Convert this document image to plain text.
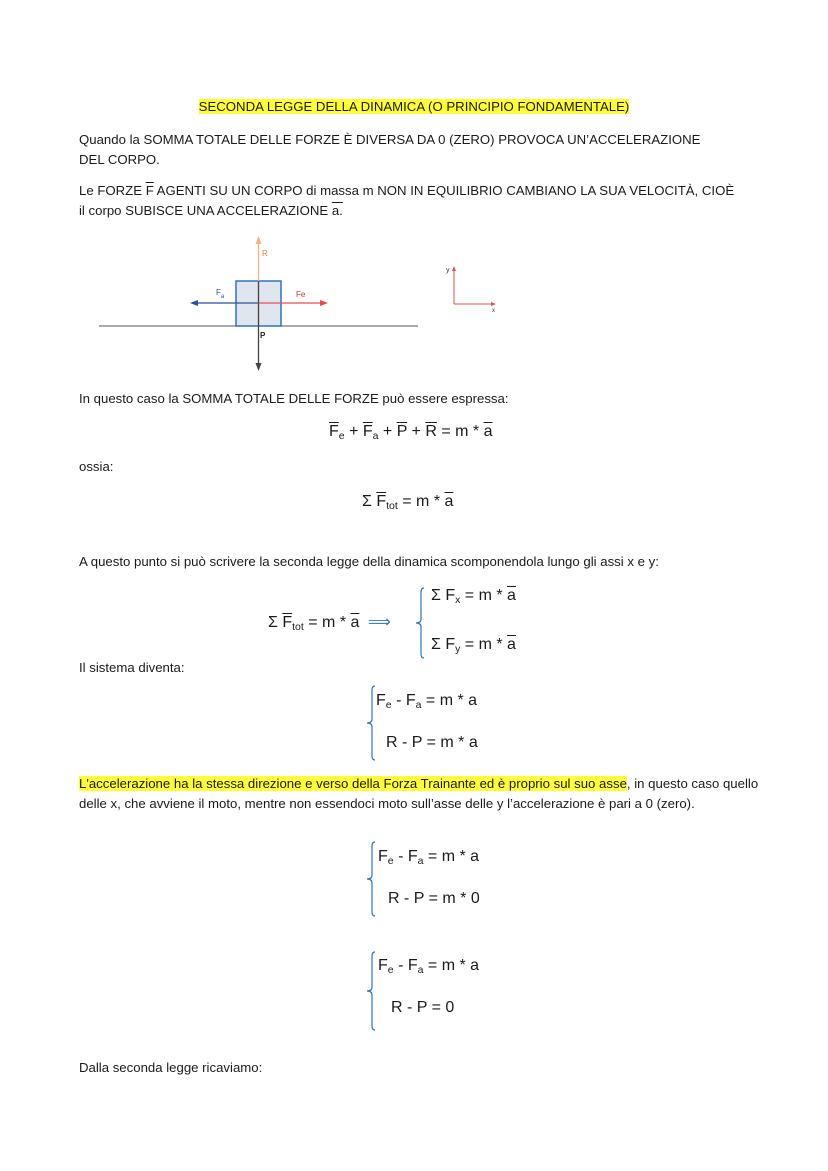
SECONDA LEGGE DELLA DINAMICA (O PRINCIPIO FONDAMENTALE)
Quando la SOMMA TOTALE DELLE FORZE È DIVERSA DA 0 (ZERO) PROVOCA UN’ACCELERAZIONE DEL CORPO.
Le FORZE $\overline{F}$ AGENTI SU UN CORPO di massa m NON IN EQUILIBRIO CAMBIANO LA SUA VELOCITÀ, CIOÈ il corpo SUBISCE UNA ACCELERAZIONE a.
R
P
$F_a$	Fe
y
x
In questo caso la SOMMA TOTALE DELLE FORZE può essere espressa:
$\overline{F}_e + \overline{F}_a + \overline{P} + \overline{R} = m * \overline{a}$
ossia:
Σ $\overline{F}_{tot} = m * \overline{a}$
A questo punto si può scrivere la seconda legge della dinamica scomponendola lungo gli assi x e y:
Σ $\overline{F}_{tot} = m * \overline{a}$ ⟹
Σ $F_x = m * \overline{a}$
Σ $F_y = m * \overline{a}$
Il sistema diventa:
$F_e - F_a = m * a$
R - P = m * a
L'accelerazione ha la stessa direzione e verso della Forza Trainante ed è proprio sul suo asse, in questo caso quello delle x, che avviene il moto, mentre non essendoci moto sull’asse delle y l’accelerazione è pari a 0 (zero).
$F_e - F_a = m * a$
R - P = m * 0
$F_e - F_a = m * a$
R - P = 0
Dalla seconda legge ricaviamo:
